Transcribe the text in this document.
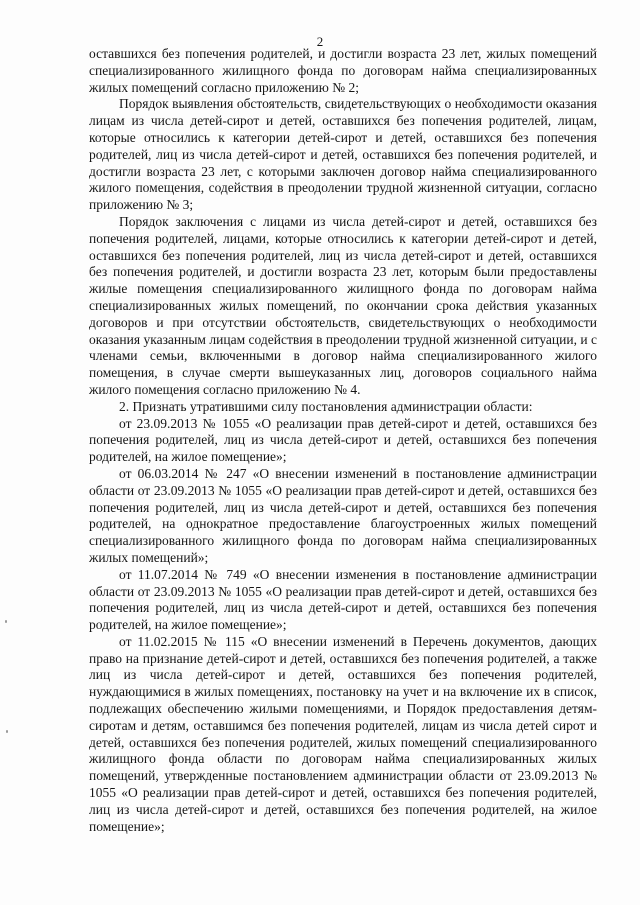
2

оставшихся без попечения родителей, и достигли возраста 23 лет, жилых помещений специализированного жилищного фонда по договорам найма специализированных жилых помещений согласно приложению № 2;

Порядок выявления обстоятельств, свидетельствующих о необходимости оказания лицам из числа детей-сирот и детей, оставшихся без попечения родителей, лицам, которые относились к категории детей-сирот и детей, оставшихся без попечения родителей, лиц из числа детей-сирот и детей, оставшихся без попечения родителей, и достигли возраста 23 лет, с которыми заключен договор найма специализированного жилого помещения, содействия в преодолении трудной жизненной ситуации, согласно приложению № 3;

Порядок заключения с лицами из числа детей-сирот и детей, оставшихся без попечения родителей, лицами, которые относились к категории детей-сирот и детей, оставшихся без попечения родителей, лиц из числа детей-сирот и детей, оставшихся без попечения родителей, и достигли возраста 23 лет, которым были предоставлены жилые помещения специализированного жилищного фонда по договорам найма специализированных жилых помещений, по окончании срока действия указанных договоров и при отсутствии обстоятельств, свидетельствующих о необходимости оказания указанным лицам содействия в преодолении трудной жизненной ситуации, и с членами семьи, включенными в договор найма специализированного жилого помещения, в случае смерти вышеуказанных лиц, договоров социального найма жилого помещения согласно приложению № 4.

2. Признать утратившими силу постановления администрации области:

от 23.09.2013 № 1055 «О реализации прав детей-сирот и детей, оставшихся без попечения родителей, лиц из числа детей-сирот и детей, оставшихся без попечения родителей, на жилое помещение»;

от 06.03.2014 № 247 «О внесении изменений в постановление администрации области от 23.09.2013 № 1055 «О реализации прав детей-сирот и детей, оставшихся без попечения родителей, лиц из числа детей-сирот и детей, оставшихся без попечения родителей, на однократное предоставление благоустроенных жилых помещений специализированного жилищного фонда по договорам найма специализированных жилых помещений»;

от 11.07.2014 № 749 «О внесении изменения в постановление администрации области от 23.09.2013 № 1055 «О реализации прав детей-сирот и детей, оставшихся без попечения родителей, лиц из числа детей-сирот и детей, оставшихся без попечения родителей, на жилое помещение»;

от 11.02.2015 № 115 «О внесении изменений в Перечень документов, дающих право на признание детей-сирот и детей, оставшихся без попечения родителей, а также лиц из числа детей-сирот и детей, оставшихся без попечения родителей, нуждающимися в жилых помещениях, постановку на учет и на включение их в список, подлежащих обеспечению жилыми помещениями, и Порядок предоставления детям-сиротам и детям, оставшимся без попечения родителей, лицам из числа детей сирот и детей, оставшихся без попечения родителей, жилых помещений специализированного жилищного фонда области по договорам найма специализированных жилых помещений, утвержденные постановлением администрации области от 23.09.2013 № 1055 «О реализации прав детей-сирот и детей, оставшихся без попечения родителей, лиц из числа детей-сирот и детей, оставшихся без попечения родителей, на жилое помещение»;
